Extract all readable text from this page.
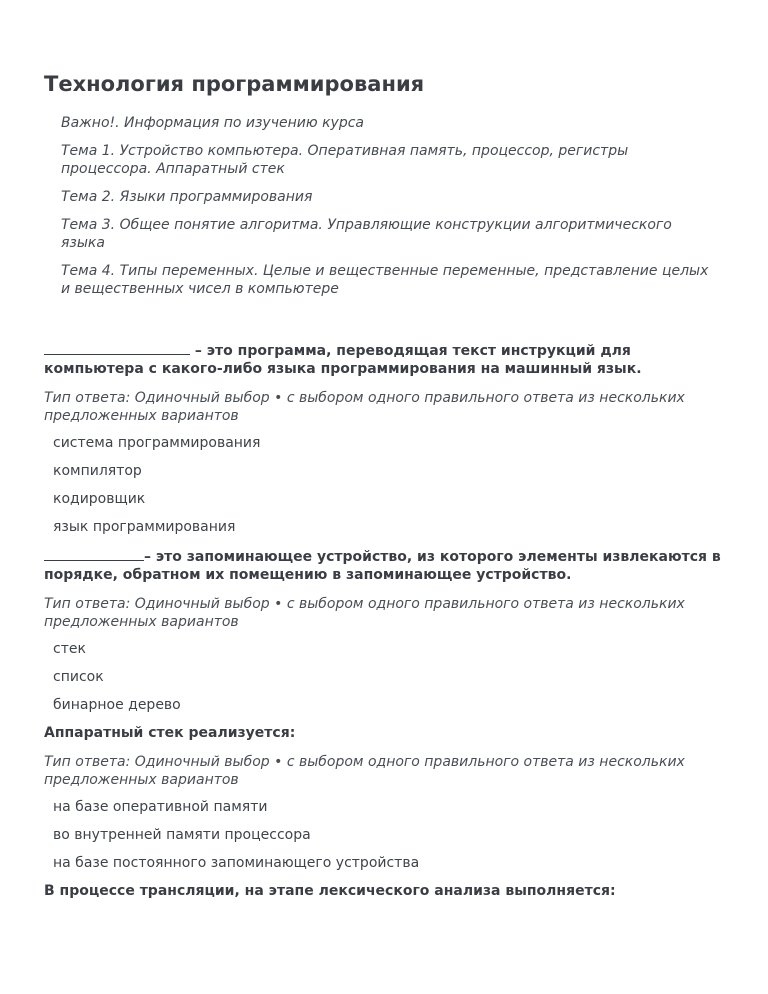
Технология программирования
Важно!. Информация по изучению курса
Тема 1. Устройство компьютера. Оперативная память, процессор, регистры процессора. Аппаратный стек
Тема 2. Языки программирования
Тема 3. Общее понятие алгоритма. Управляющие конструкции алгоритмического языка
Тема 4. Типы переменных. Целые и вещественные переменные, представление целых и вещественных чисел в компьютере
– это программа, переводящая текст инструкций для компьютера с какого-либо языка программирования на машинный язык.
Тип ответа: Одиночный выбор • с выбором одного правильного ответа из нескольких предложенных вариантов
система программирования
компилятор
кодировщик
язык программирования
– это запоминающее устройство, из которого элементы извлекаются в порядке, обратном их помещению в запоминающее устройство.
Тип ответа: Одиночный выбор • с выбором одного правильного ответа из нескольких предложенных вариантов
стек
список
бинарное дерево
Аппаратный стек реализуется:
Тип ответа: Одиночный выбор • с выбором одного правильного ответа из нескольких предложенных вариантов
на базе оперативной памяти
во внутренней памяти процессора
на базе постоянного запоминающего устройства
В процессе трансляции, на этапе лексического анализа выполняется:
